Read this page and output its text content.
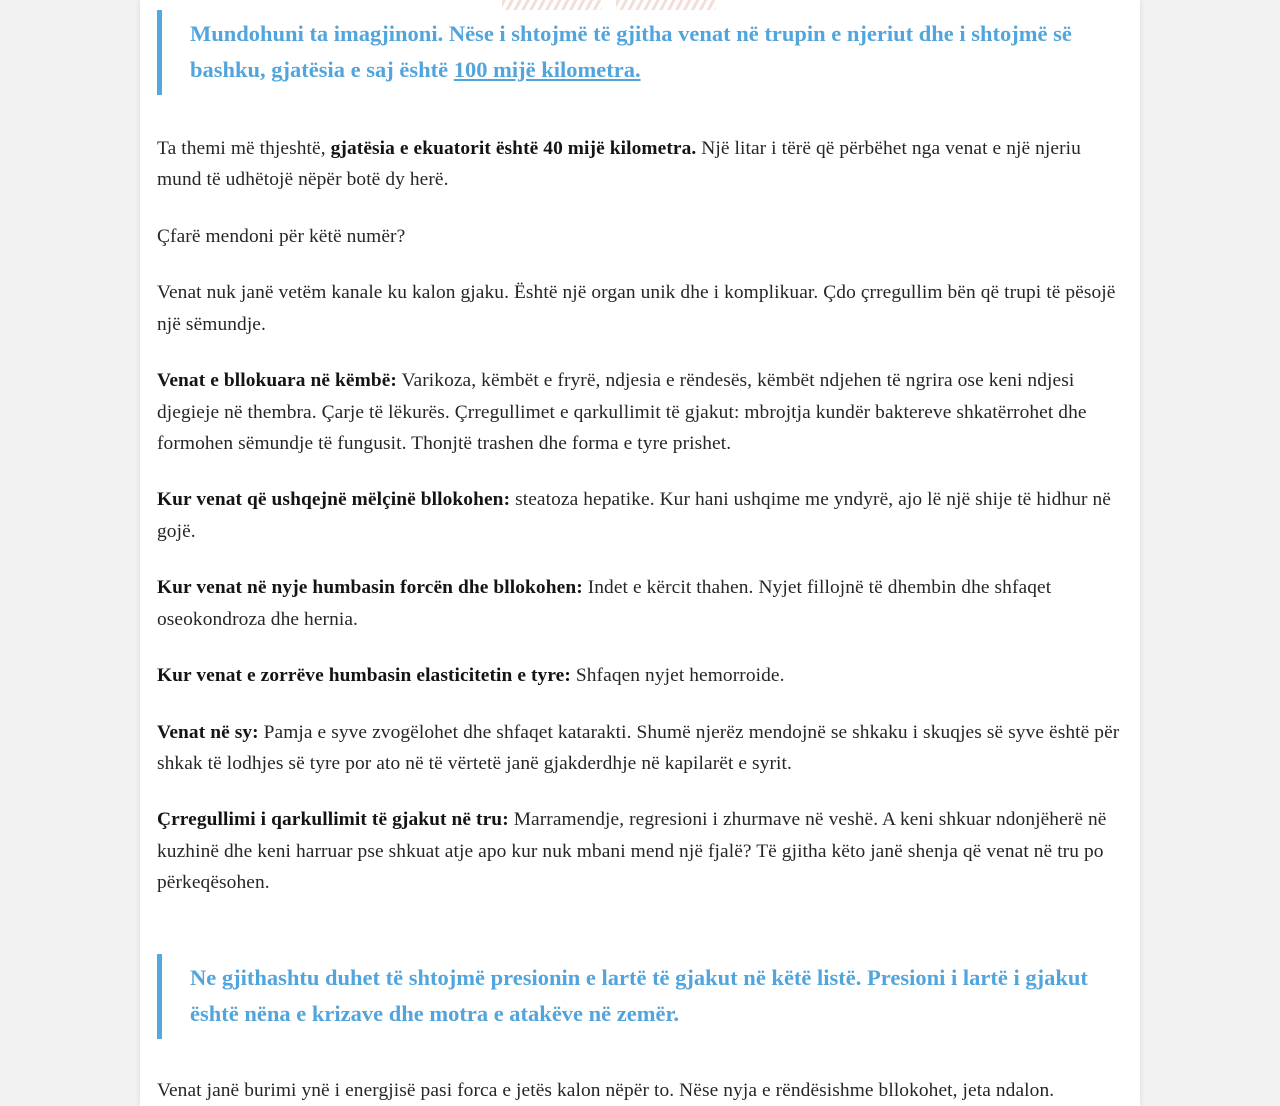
Mundohuni ta imagjinoni. Nëse i shtojmë të gjitha venat në trupin e njeriut dhe i shtojmë së bashku, gjatësia e saj është 100 mijë kilometra.

Ta themi më thjeshtë, gjatësia e ekuatorit është 40 mijë kilometra. Një litar i tërë që përbëhet nga venat e një njeriu mund të udhëtojë nëpër botë dy herë.

Çfarë mendoni për këtë numër?

Venat nuk janë vetëm kanale ku kalon gjaku. Është një organ unik dhe i komplikuar. Çdo çrregullim bën që trupi të pësojë një sëmundje.

Venat e bllokuara në këmbë: Varikoza, këmbët e fryrë, ndjesia e rëndesës, këmbët ndjehen të ngrira ose keni ndjesi djegieje në thembra. Çarje të lëkurës. Çrregullimet e qarkullimit të gjakut: mbrojtja kundër baktereve shkatërrohet dhe formohen sëmundje të fungusit. Thonjtë trashen dhe forma e tyre prishet.

Kur venat që ushqejnë mëlçinë bllokohen: steatoza hepatike. Kur hani ushqime me yndyrë, ajo lë një shije të hidhur në gojë.

Kur venat në nyje humbasin forcën dhe bllokohen: Indet e kërcit thahen. Nyjet fillojnë të dhembin dhe shfaqet oseokondroza dhe hernia.

Kur venat e zorrëve humbasin elasticitetin e tyre: Shfaqen nyjet hemorroide.

Venat në sy: Pamja e syve zvogëlohet dhe shfaqet katarakti. Shumë njerëz mendojnë se shkaku i skuqjes së syve është për shkak të lodhjes së tyre por ato në të vërtetë janë gjakderdhje në kapilarët e syrit.

Çrregullimi i qarkullimit të gjakut në tru: Marramendje, regresioni i zhurmave në veshë. A keni shkuar ndonjëherë në kuzhinë dhe keni harruar pse shkuat atje apo kur nuk mbani mend një fjalë? Të gjitha këto janë shenja që venat në tru po përkeqësohen.

Ne gjithashtu duhet të shtojmë presionin e lartë të gjakut në këtë listë. Presioni i lartë i gjakut është nëna e krizave dhe motra e atakëve në zemër.

Venat janë burimi ynë i energjisë pasi forca e jetës kalon nëpër to. Nëse nyja e rëndësishme bllokohet, jeta ndalon.
